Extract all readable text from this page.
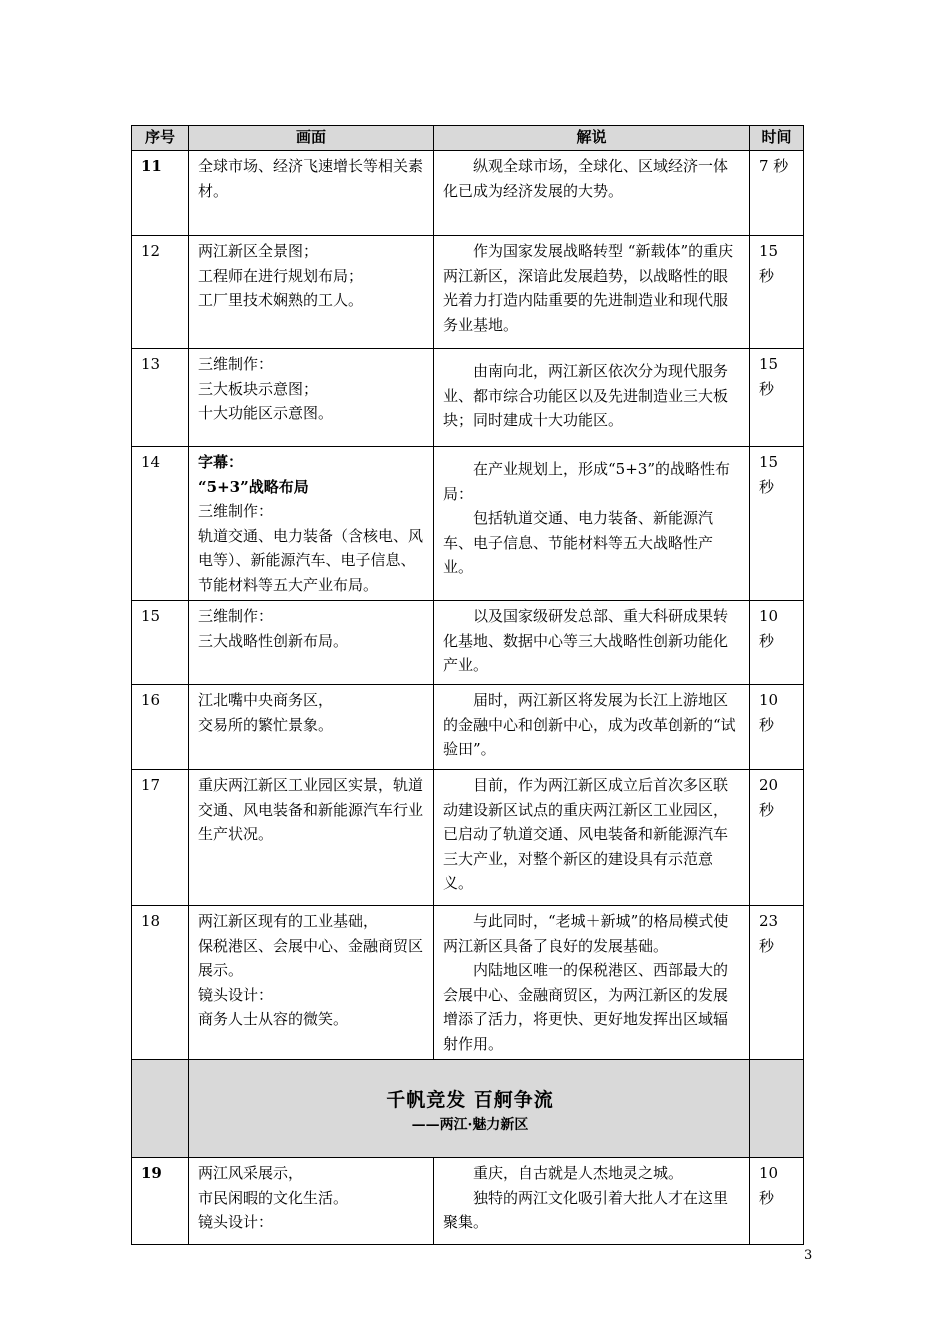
序号	画面	解说	时间
11	全球市场、经济飞速增长等相关素材。	纵观全球市场，全球化、区域经济一体化已成为经济发展的大势。	7 秒
12	两江新区全景图；
工程师在进行规划布局；
工厂里技术娴熟的工人。	作为国家发展战略转型 “新载体”的重庆两江新区，深谙此发展趋势，以战略性的眼光着力打造内陆重要的先进制造业和现代服务业基地。	15 秒
13	三维制作：
三大板块示意图；
十大功能区示意图。	由南向北，两江新区依次分为现代服务业、都市综合功能区以及先进制造业三大板块；同时建成十大功能区。	15 秒
14	字幕：
“5+3”战略布局
三维制作：
轨道交通、电力装备（含核电、风电等）、新能源汽车、电子信息、节能材料等五大产业布局。	在产业规划上，形成“5+3”的战略性布局：
包括轨道交通、电力装备、新能源汽车、电子信息、节能材料等五大战略性产业。	15 秒
15	三维制作：
三大战略性创新布局。	以及国家级研发总部、重大科研成果转化基地、数据中心等三大战略性创新功能化产业。	10 秒
16	江北嘴中央商务区，
交易所的繁忙景象。	届时，两江新区将发展为长江上游地区的金融中心和创新中心，成为改革创新的“试验田”。	10 秒
17	重庆两江新区工业园区实景，轨道交通、风电装备和新能源汽车行业生产状况。	目前，作为两江新区成立后首次多区联动建设新区试点的重庆两江新区工业园区，已启动了轨道交通、风电装备和新能源汽车三大产业，对整个新区的建设具有示范意义。	20 秒
18	两江新区现有的工业基础，
保税港区、会展中心、金融商贸区展示。
镜头设计：
商务人士从容的微笑。	与此同时，“老城＋新城”的格局模式使两江新区具备了良好的发展基础。
内陆地区唯一的保税港区、西部最大的会展中心、金融商贸区，为两江新区的发展增添了活力，将更快、更好地发挥出区域辐射作用。	23 秒

	千帆竞发 百舸争流
——两江·魅力新区		

19	两江风采展示，
市民闲暇的文化生活。
镜头设计：	重庆，自古就是人杰地灵之城。
独特的两江文化吸引着大批人才在这里聚集。	10 秒
3
